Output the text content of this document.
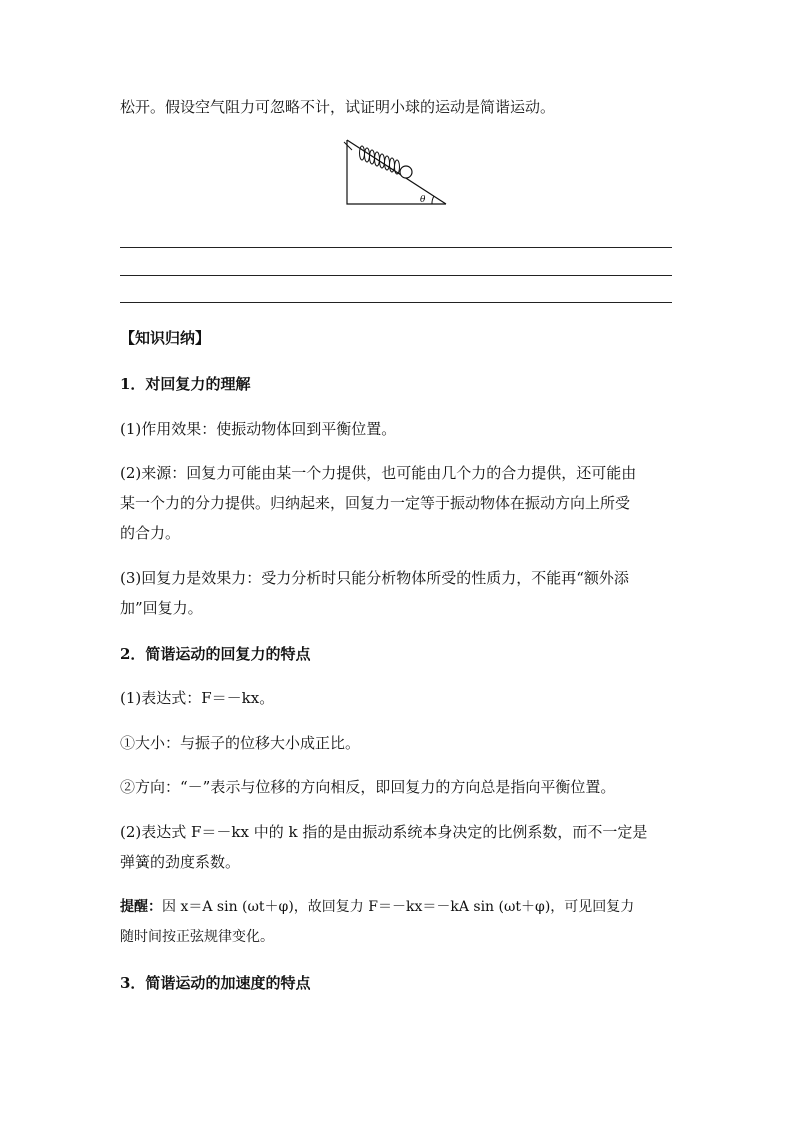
松开。假设空气阻力可忽略不计，试证明小球的运动是简谐运动。
θ
【知识归纳】
1．对回复力的理解
(1)作用效果：使振动物体回到平衡位置。
(2)来源：回复力可能由某一个力提供，也可能由几个力的合力提供，还可能由
某一个力的分力提供。归纳起来，回复力一定等于振动物体在振动方向上所受
的合力。
(3)回复力是效果力：受力分析时只能分析物体所受的性质力，不能再“额外添
加”回复力。
2．简谐运动的回复力的特点
(1)表达式：F＝－kx。
①大小：与振子的位移大小成正比。
②方向：“－”表示与位移的方向相反，即回复力的方向总是指向平衡位置。
(2)表达式 F＝－kx 中的 k 指的是由振动系统本身决定的比例系数，而不一定是
弹簧的劲度系数。
提醒：因 x＝A sin (ωt＋φ)，故回复力 F＝－kx＝－kA sin (ωt＋φ)，可见回复力
随时间按正弦规律变化。
3．简谐运动的加速度的特点
